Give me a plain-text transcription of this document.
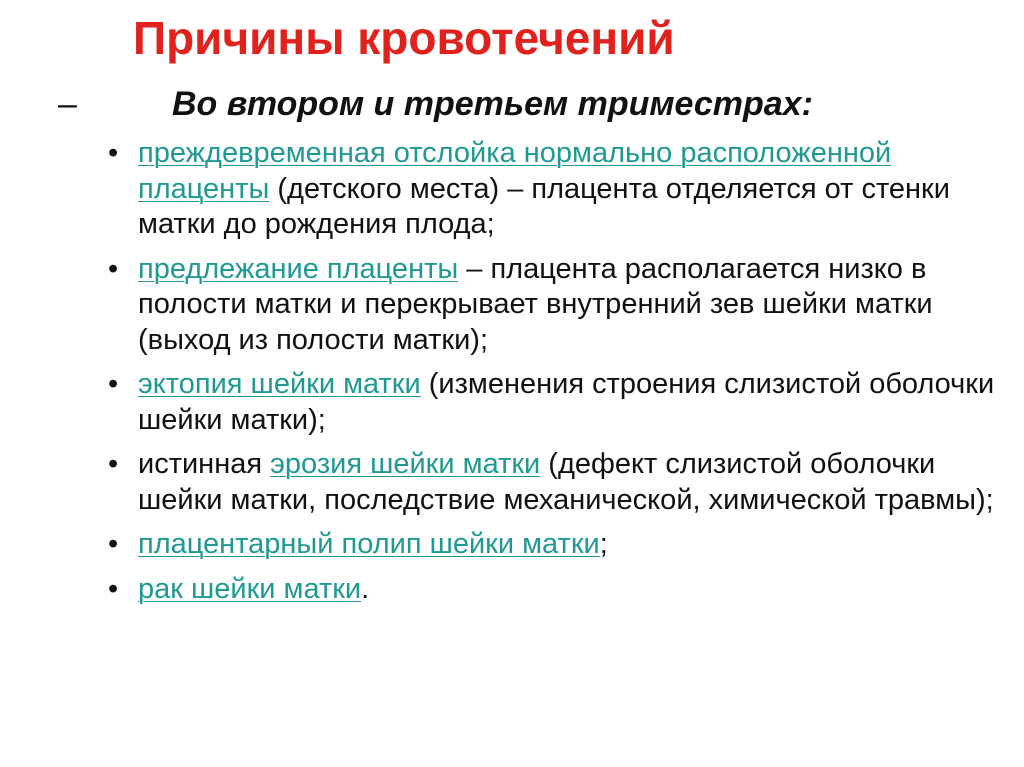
Причины кровотечений
–	Во втором и третьем триместрах:
• преждевременная отслойка нормально расположенной плаценты (детского места) – плацента отделяется от стенки матки до рождения плода;
• предлежание плаценты – плацента располагается низко в полости матки и перекрывает внутренний зев шейки матки (выход из полости матки);
• эктопия шейки матки (изменения строения слизистой оболочки шейки матки);
• истинная эрозия шейки матки (дефект слизистой оболочки шейки матки, последствие механической, химической травмы);
• плацентарный полип шейки матки;
• рак шейки матки.
